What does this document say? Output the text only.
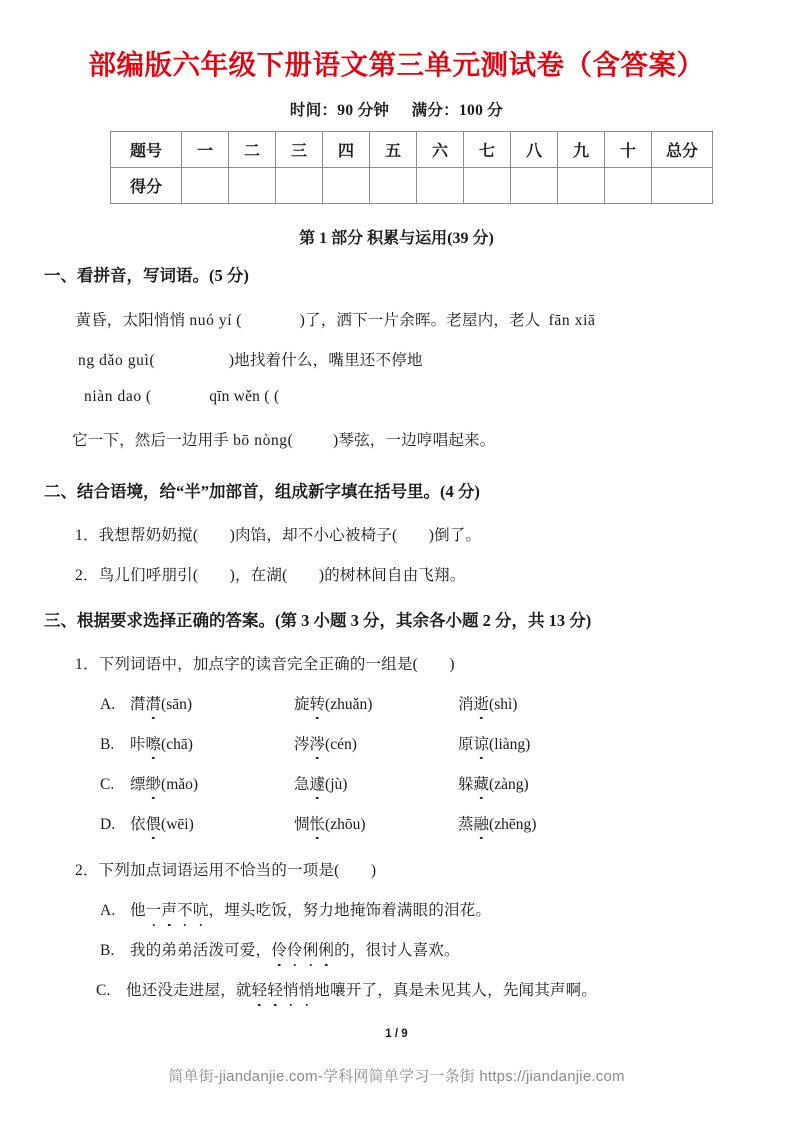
部编版六年级下册语文第三单元测试卷（含答案）
时间：90 分钟 满分：100 分
题号	一	二	三	四	五	六	七	八	九	十	总分
得分											
第 1 部分 积累与运用(39 分)
一、看拼音，写词语。(5 分)
　　黄昏，太阳悄悄 nuó yí (	)了，洒下一片余晖。老屋内，老人  fān xiā
ng dǎo guì(	)地找着什么，嘴里还不停地
niàn dao (	qīn wěn ( (
它一下，然后一边用手 bō nòng(	)琴弦，一边哼唱起来。
二、结合语境，给“半”加部首，组成新字填在括号里。(4 分)
1．我想帮奶奶搅(　　)肉馅，却不小心被椅子(　　)倒了。
2．鸟儿们呼朋引(　　)，在湖(　　)的树林间自由飞翔。
三、根据要求选择正确的答案。(第 3 小题 3 分，其余各小题 2 分，共 13 分)
1．下列词语中，加点字的读音完全正确的一组是(　　)
A. 潸潸(sān)	旋转(zhuǎn)	消逝(shì)
B. 咔嚓(chā)	涔涔(cén)	原谅(liàng)
C. 缥缈(mǎo)	急遽(jù)	躲藏(zàng)
D. 依偎(wēi)	惆怅(zhōu)	蒸融(zhēng)
2．下列加点词语运用不恰当的一项是(　　)
A. 他一声不吭，埋头吃饭，努力地掩饰着满眼的泪花。
B. 我的弟弟活泼可爱，伶伶俐俐的，很讨人喜欢。
C. 他还没走进屋，就轻轻悄悄地嚷开了，真是未见其人，先闻其声啊。
1 / 9
简单街-jiandanjie.com-学科网简单学习一条街 https://jiandanjie.com
